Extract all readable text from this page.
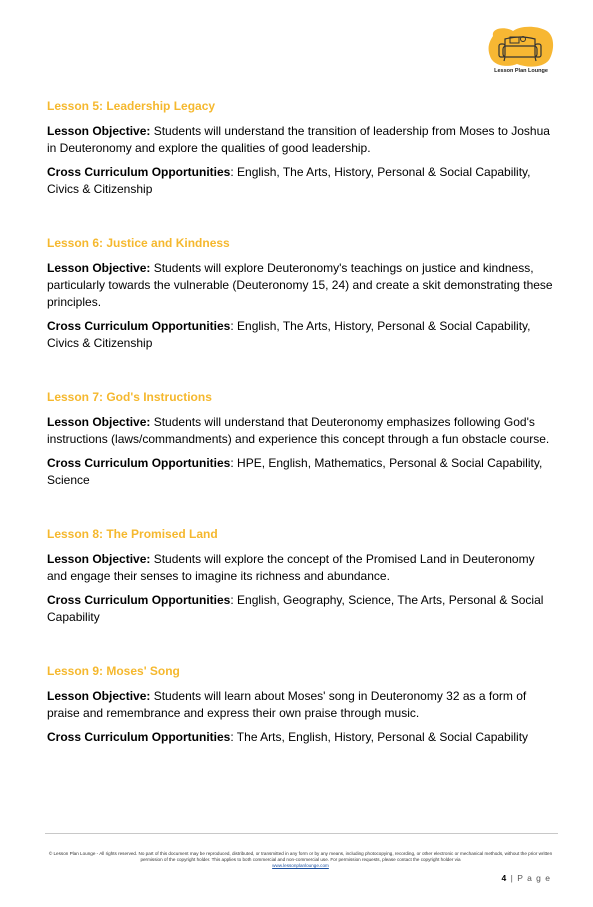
Lesson Plan Lounge
Lesson 5: Leadership Legacy

Lesson Objective: Students will understand the transition of leadership from Moses to Joshua in Deuteronomy and explore the qualities of good leadership.

Cross Curriculum Opportunities: English, The Arts, History, Personal & Social Capability, Civics & Citizenship

Lesson 6: Justice and Kindness

Lesson Objective: Students will explore Deuteronomy's teachings on justice and kindness, particularly towards the vulnerable (Deuteronomy 15, 24) and create a skit demonstrating these principles.

Cross Curriculum Opportunities: English, The Arts, History, Personal & Social Capability, Civics & Citizenship

Lesson 7: God's Instructions

Lesson Objective: Students will understand that Deuteronomy emphasizes following God's instructions (laws/commandments) and experience this concept through a fun obstacle course.

Cross Curriculum Opportunities: HPE, English, Mathematics, Personal & Social Capability, Science

Lesson 8: The Promised Land

Lesson Objective: Students will explore the concept of the Promised Land in Deuteronomy and engage their senses to imagine its richness and abundance.

Cross Curriculum Opportunities: English, Geography, Science, The Arts, Personal & Social Capability

Lesson 9: Moses' Song

Lesson Objective: Students will learn about Moses' song in Deuteronomy 32 as a form of praise and remembrance and express their own praise through music.

Cross Curriculum Opportunities: The Arts, English, History, Personal & Social Capability

© Lesson Plan Lounge - All rights reserved. No part of this document may be reproduced, distributed, or transmitted in any form or by any means, including photocopying, recording, or other electronic or mechanical methods, without the prior written permission of the copyright holder. This applies to both commercial and non-commercial use. For permission requests, please contact the copyright holder via
www.lessonplanlounge.com
4 | P a g e
